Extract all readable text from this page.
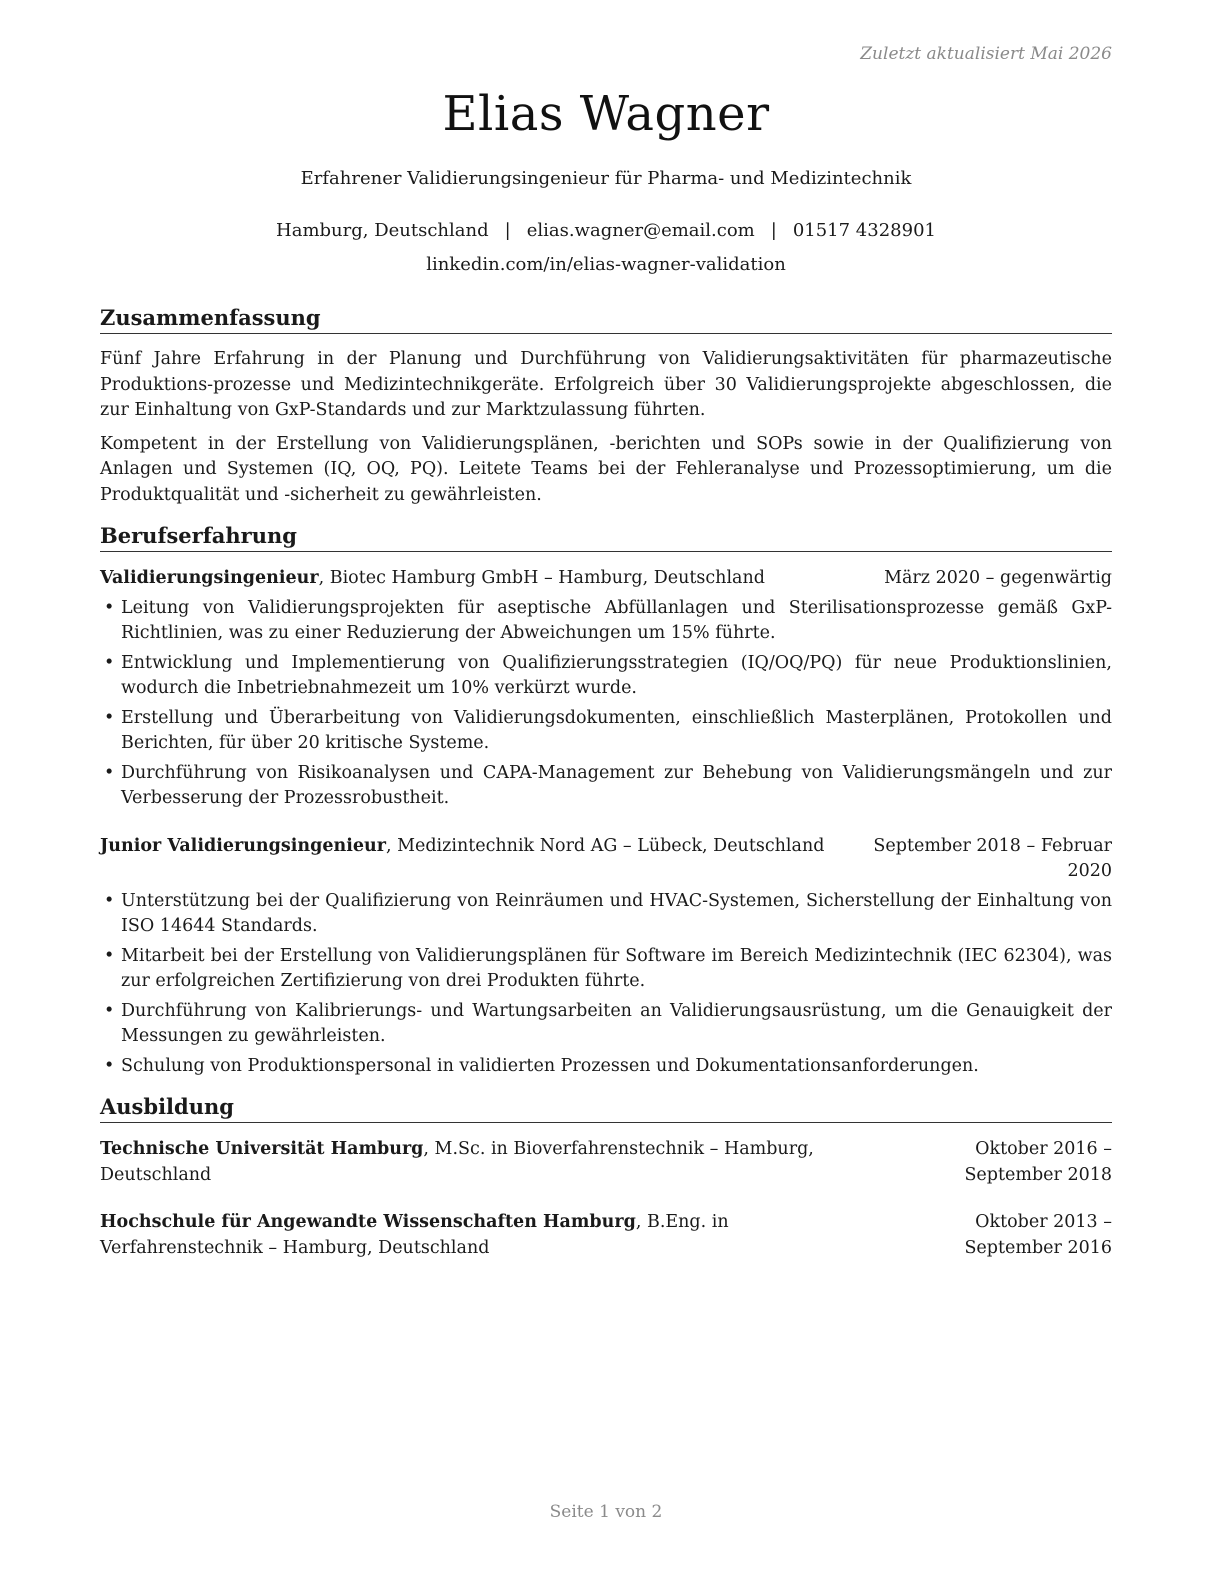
Zuletzt aktualisiert Mai 2026
Elias Wagner
Erfahrener Validierungsingenieur für Pharma- und Medizintechnik
Hamburg, Deutschland | elias.wagner@email.com | 01517 4328901
linkedin.com/in/elias-wagner-validation
Zusammenfassung

Fünf Jahre Erfahrung in der Planung und Durchführung von Validierungsaktivitäten für pharmazeutische Produktions-prozesse und Medizintechnikgeräte. Erfolgreich über 30 Validierungsprojekte abgeschlossen, die zur Einhaltung von GxP-Standards und zur Marktzulassung führten.

Kompetent in der Erstellung von Validierungsplänen, -berichten und SOPs sowie in der Qualifizierung von Anlagen und Systemen (IQ, OQ, PQ). Leitete Teams bei der Fehleranalyse und Prozessoptimierung, um die Produktqualität und -sicherheit zu gewährleisten.

Berufserfahrung
Validierungsingenieur, Biotec Hamburg GmbH – Hamburg, Deutschland	März 2020 – gegenwärtig
• Leitung von Validierungsprojekten für aseptische Abfüllanlagen und Sterilisationsprozesse gemäß GxP-Richtlinien, was zu einer Reduzierung der Abweichungen um 15% führte.
• Entwicklung und Implementierung von Qualifizierungsstrategien (IQ/OQ/PQ) für neue Produktionslinien, wodurch die Inbetriebnahmezeit um 10% verkürzt wurde.
• Erstellung und Überarbeitung von Validierungsdokumenten, einschließlich Masterplänen, Protokollen und Berichten, für über 20 kritische Systeme.
• Durchführung von Risikoanalysen und CAPA-Management zur Behebung von Validierungsmängeln und zur Verbesserung der Prozessrobustheit.
Junior Validierungsingenieur, Medizintechnik Nord AG – Lübeck, Deutschland	September 2018 – Februar 2020
• Unterstützung bei der Qualifizierung von Reinräumen und HVAC-Systemen, Sicherstellung der Einhaltung von ISO 14644 Standards.
• Mitarbeit bei der Erstellung von Validierungsplänen für Software im Bereich Medizintechnik (IEC 62304), was zur erfolgreichen Zertifizierung von drei Produkten führte.
• Durchführung von Kalibrierungs- und Wartungsarbeiten an Validierungsausrüstung, um die Genauigkeit der Messungen zu gewährleisten.
• Schulung von Produktionspersonal in validierten Prozessen und Dokumentationsanforderungen.
Ausbildung
Technische Universität Hamburg, M.Sc. in Bioverfahrenstechnik – Hamburg, Deutschland
Oktober 2016 – September 2018
Hochschule für Angewandte Wissenschaften Hamburg, B.Eng. in Verfahrenstechnik – Hamburg, Deutschland
Oktober 2013 – September 2016
Seite 1 von 2
